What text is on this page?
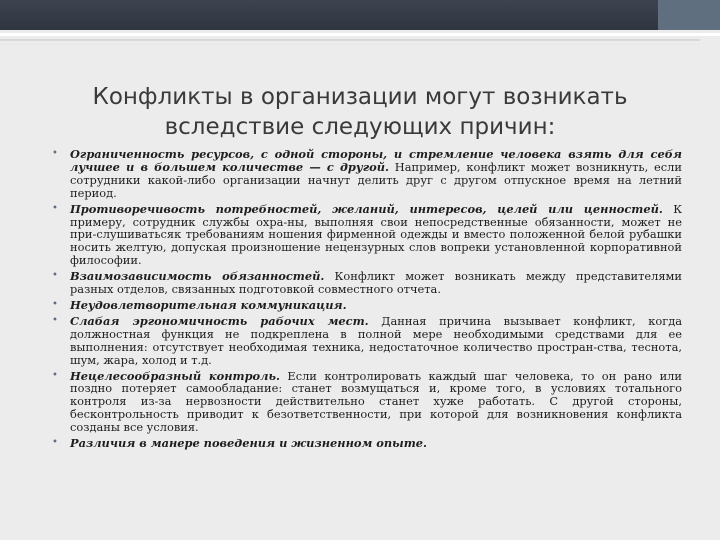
Конфликты в организации могут возникать вследствие следующих причин:
• Ограниченность ресурсов, с одной стороны, и стремление человека взять для себя лучшее и в большем количестве — с другой. Например, конфликт может возникнуть, если сотрудники какой-либо организации начнут делить друг с другом отпускное время на летний период.
• Противоречивость потребностей, желаний, интересов, целей или ценностей. К примеру, сотрудник службы охра-ны, выполняя свои непосредственные обязанности, может не при-слушиватьсяк требованиям ношения фирменной одежды и вместо положенной белой рубашки носить желтую, допуская произношение нецензурных слов вопреки установленной корпоративной философии.
• Взаимозависимость обязанностей. Конфликт может возникать между представителями разных отделов, связанных подготовкой совместного отчета.
• Неудовлетворительная коммуникация.
• Слабая эргономичность рабочих мест. Данная причина вызывает конфликт, когда должностная функция не подкреплена в полной мере необходимыми средствами для ее выполнения: отсутствует необходимая техника, недостаточное количество простран-ства, теснота, шум, жара, холод и т.д.
• Нецелесообразный контроль. Если контролировать каждый шаг человека, то он рано или поздно потеряет самообладание: станет возмущаться и, кроме того, в условиях тотального контроля из-за нервозности действительно станет хуже работать. С другой стороны, бесконтрольность приводит к безответственности, при которой для возникновения конфликта созданы все условия.
• Различия в манере поведения и жизненном опыте.
